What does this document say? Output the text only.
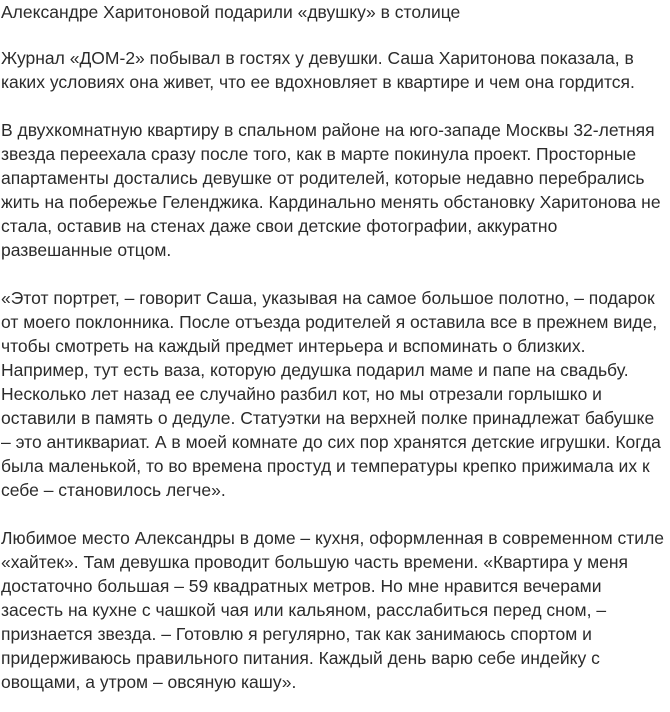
Александре Харитоновой подарили «двушку» в столице

Журнал «ДОМ-2» побывал в гостях у девушки. Саша Харитонова показала, в каких условиях она живет, что ее вдохновляет в квартире и чем она гордится.

В двухкомнатную квартиру в спальном районе на юго-западе Москвы 32-летняя звезда переехала сразу после того, как в марте покинула проект. Просторные апартаменты достались девушке от родителей, которые недавно перебрались жить на побережье Геленджика. Кардинально менять обстановку Харитонова не стала, оставив на стенах даже свои детские фотографии, аккуратно развешанные отцом.

«Этот портрет, – говорит Саша, указывая на самое большое полотно, – подарок от моего поклонника. После отъезда родителей я оставила все в прежнем виде, чтобы смотреть на каждый предмет интерьера и вспоминать о близких. Например, тут есть ваза, которую дедушка подарил маме и папе на свадьбу. Несколько лет назад ее случайно разбил кот, но мы отрезали горлышко и оставили в память о дедуле. Статуэтки на верхней полке принадлежат бабушке – это антиквариат. А в моей комнате до сих пор хранятся детские игрушки. Когда была маленькой, то во времена простуд и температуры крепко прижимала их к себе – становилось легче».

Любимое место Александры в доме – кухня, оформленная в современном стиле «хайтек». Там девушка проводит большую часть времени. «Квартира у меня достаточно большая – 59 квадратных метров. Но мне нравится вечерами засесть на кухне с чашкой чая или кальяном, расслабиться перед сном, – признается звезда. – Готовлю я регулярно, так как занимаюсь спортом и придерживаюсь правильного питания. Каждый день варю себе индейку с овощами, а утром – овсяную кашу».
